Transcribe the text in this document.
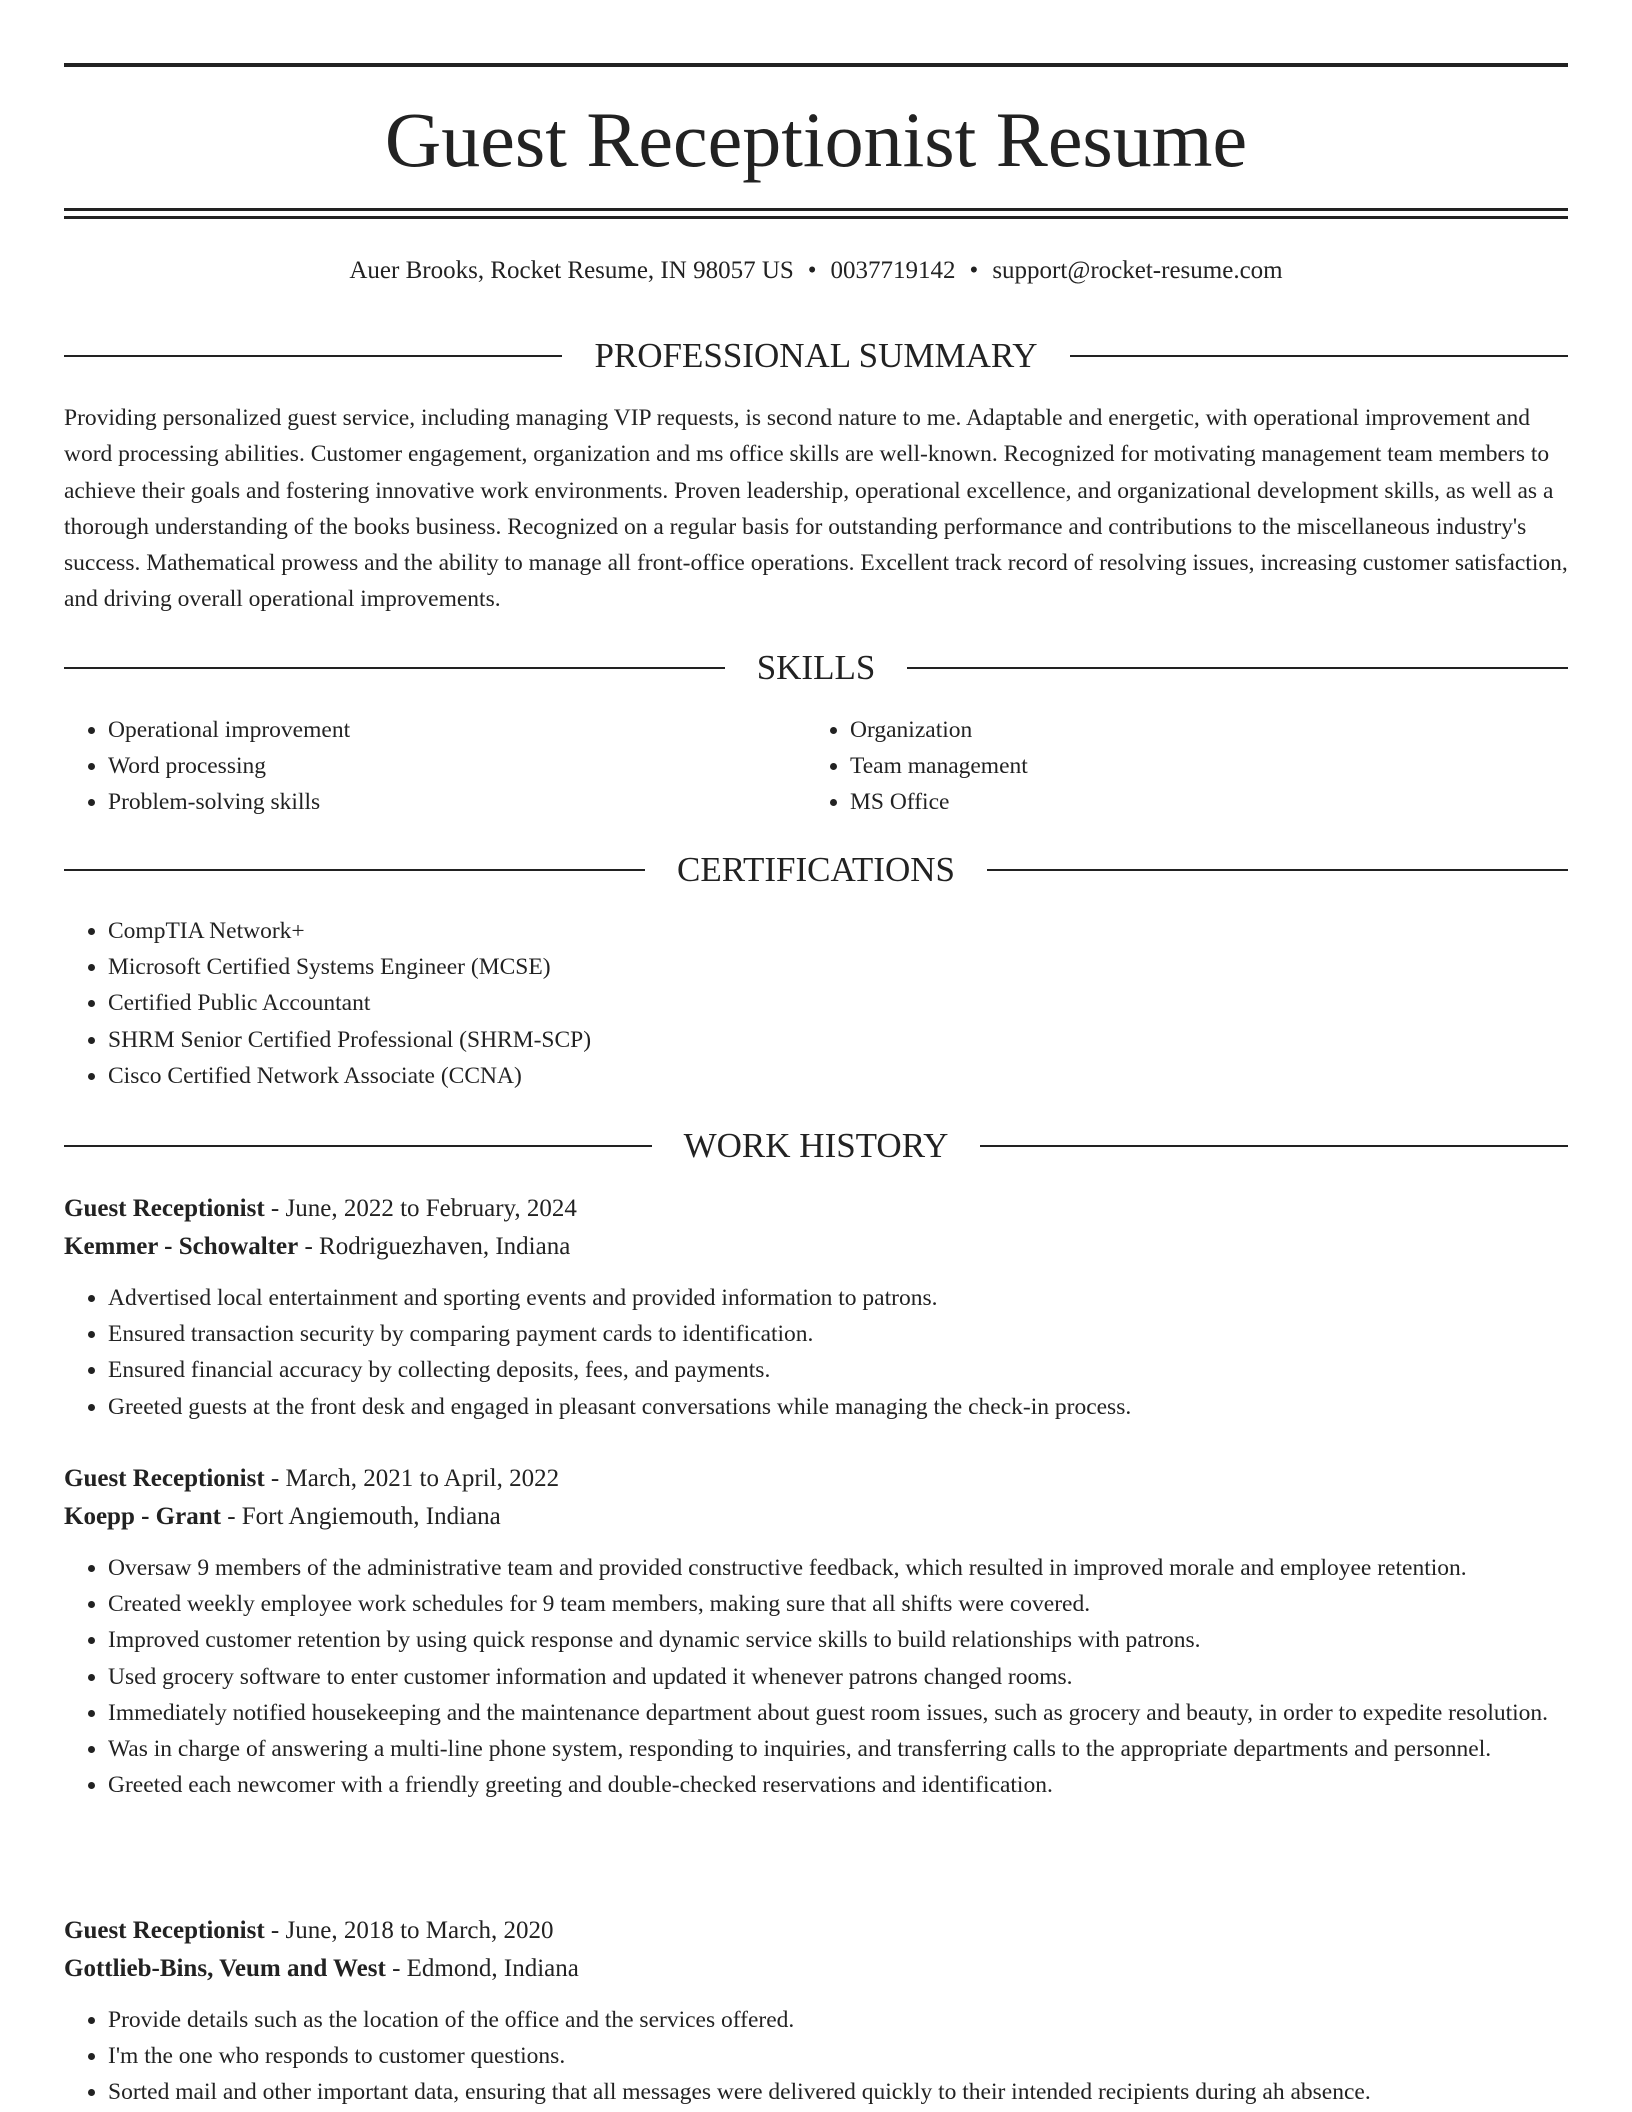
Guest Receptionist Resume
Auer Brooks, Rocket Resume, IN 98057 US • 0037719142 • support@rocket-resume.com
PROFESSIONAL SUMMARY

Providing personalized guest service, including managing VIP requests, is second nature to me. Adaptable and energetic, with operational improvement and word processing abilities. Customer engagement, organization and ms office skills are well-known. Recognized for motivating management team members to achieve their goals and fostering innovative work environments. Proven leadership, operational excellence, and organizational development skills, as well as a thorough understanding of the books business. Recognized on a regular basis for outstanding performance and contributions to the miscellaneous industry's success. Mathematical prowess and the ability to manage all front-office operations. Excellent track record of resolving issues, increasing customer satisfaction, and driving overall operational improvements.

SKILLS
• Operational improvement
• Word processing
• Problem-solving skills
• Organization
• Team management
• MS Office
CERTIFICATIONS
• CompTIA Network+
• Microsoft Certified Systems Engineer (MCSE)
• Certified Public Accountant
• SHRM Senior Certified Professional (SHRM-SCP)
• Cisco Certified Network Associate (CCNA)
WORK HISTORY
Guest Receptionist - June, 2022 to February, 2024
Kemmer - Schowalter - Rodriguezhaven, Indiana
• Advertised local entertainment and sporting events and provided information to patrons.
• Ensured transaction security by comparing payment cards to identification.
• Ensured financial accuracy by collecting deposits, fees, and payments.
• Greeted guests at the front desk and engaged in pleasant conversations while managing the check-in process.
Guest Receptionist - March, 2021 to April, 2022
Koepp - Grant - Fort Angiemouth, Indiana
• Oversaw 9 members of the administrative team and provided constructive feedback, which resulted in improved morale and employee retention.
• Created weekly employee work schedules for 9 team members, making sure that all shifts were covered.
• Improved customer retention by using quick response and dynamic service skills to build relationships with patrons.
• Used grocery software to enter customer information and updated it whenever patrons changed rooms.
• Immediately notified housekeeping and the maintenance department about guest room issues, such as grocery and beauty, in order to expedite resolution.
• Was in charge of answering a multi-line phone system, responding to inquiries, and transferring calls to the appropriate departments and personnel.
• Greeted each newcomer with a friendly greeting and double-checked reservations and identification.
Guest Receptionist - June, 2018 to March, 2020
Gottlieb-Bins, Veum and West - Edmond, Indiana
• Provide details such as the location of the office and the services offered.
• I'm the one who responds to customer questions.
• Sorted mail and other important data, ensuring that all messages were delivered quickly to their intended recipients during ah absence.
